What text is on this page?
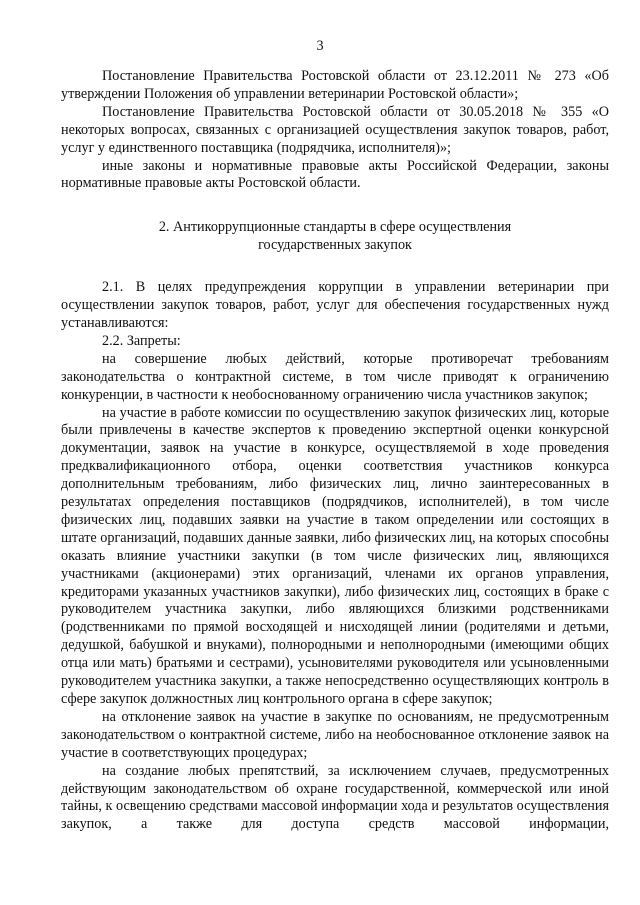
3

Постановление Правительства Ростовской области от 23.12.2011 № 273 «Об утверждении Положения об управлении ветеринарии Ростовской области»;

Постановление Правительства Ростовской области от 30.05.2018 № 355 «О некоторых вопросах, связанных с организацией осуществления закупок товаров, работ, услуг у единственного поставщика (подрядчика, исполнителя)»;

иные законы и нормативные правовые акты Российской Федерации, законы нормативные правовые акты Ростовской области.

2. Антикоррупционные стандарты в сфере осуществления

государственных закупок

2.1. В целях предупреждения коррупции в управлении ветеринарии при осуществлении закупок товаров, работ, услуг для обеспечения государственных нужд устанавливаются:

2.2. Запреты:

на совершение любых действий, которые противоречат требованиям законодательства о контрактной системе, в том числе приводят к ограничению конкуренции, в частности к необоснованному ограничению числа участников закупок;

на участие в работе комиссии по осуществлению закупок физических лиц, которые были привлечены в качестве экспертов к проведению экспертной оценки конкурсной документации, заявок на участие в конкурсе, осуществляемой в ходе проведения предквалификационного отбора, оценки соответствия участников конкурса дополнительным требованиям, либо физических лиц, лично заинтересованных в результатах определения поставщиков (подрядчиков, исполнителей), в том числе физических лиц, подавших заявки на участие в таком определении или состоящих в штате организаций, подавших данные заявки, либо физических лиц, на которых способны оказать влияние участники закупки (в том числе физических лиц, являющихся участниками (акционерами) этих организаций, членами их органов управления, кредиторами указанных участников закупки), либо физических лиц, состоящих в браке с руководителем участника закупки, либо являющихся близкими родственниками (родственниками по прямой восходящей и нисходящей линии (родителями и детьми, дедушкой, бабушкой и внуками), полнородными и неполнородными (имеющими общих отца или мать) братьями и сестрами), усыновителями руководителя или усыновленными руководителем участника закупки, а также непосредственно осуществляющих контроль в сфере закупок должностных лиц контрольного органа в сфере закупок;

на отклонение заявок на участие в закупке по основаниям, не предусмотренным законодательством о контрактной системе, либо на необоснованное отклонение заявок на участие в соответствующих процедурах;

на создание любых препятствий, за исключением случаев, предусмотренных действующим законодательством об охране государственной, коммерческой или иной тайны, к освещению средствами массовой информации хода и результатов осуществления закупок, а также для доступа средств массовой информации,
